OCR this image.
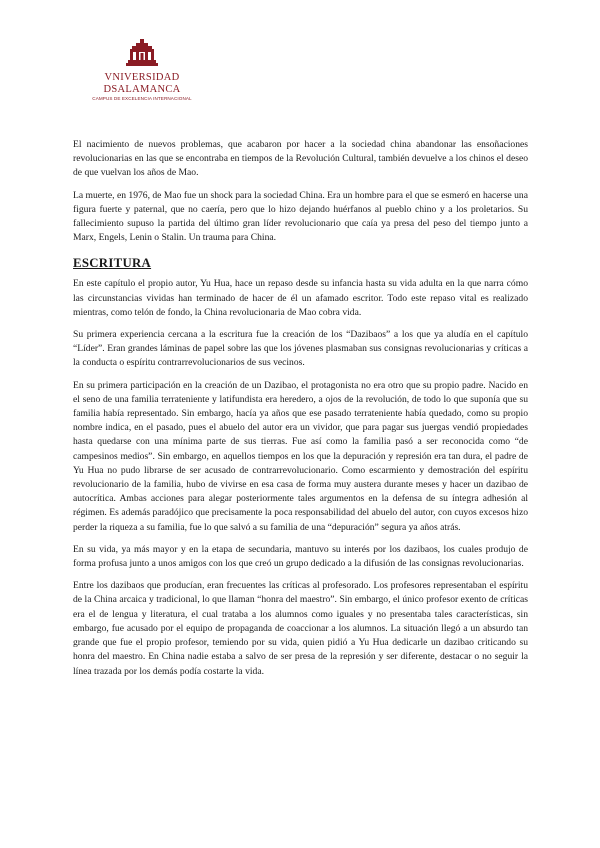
VNIVERSIDAD
DSALAMANCA
CAMPUS DE EXCELENCIA INTERNACIONAL

El nacimiento de nuevos problemas, que acabaron por hacer a la sociedad china abandonar las ensoñaciones revolucionarias en las que se encontraba en tiempos de la Revolución Cultural, también devuelve a los chinos el deseo de que vuelvan los años de Mao.

La muerte, en 1976, de Mao fue un shock para la sociedad China. Era un hombre para el que se esmeró en hacerse una figura fuerte y paternal, que no caería, pero que lo hizo dejando huérfanos al pueblo chino y a los proletarios. Su fallecimiento supuso la partida del último gran líder revolucionario que caía ya presa del peso del tiempo junto a Marx, Engels, Lenin o Stalin. Un trauma para China.

ESCRITURA

En este capítulo el propio autor, Yu Hua, hace un repaso desde su infancia hasta su vida adulta en la que narra cómo las circunstancias vividas han terminado de hacer de él un afamado escritor. Todo este repaso vital es realizado mientras, como telón de fondo, la China revolucionaria de Mao cobra vida.

Su primera experiencia cercana a la escritura fue la creación de los “Dazibaos” a los que ya aludía en el capítulo “Líder”. Eran grandes láminas de papel sobre las que los jóvenes plasmaban sus consignas revolucionarias y críticas a la conducta o espíritu contrarrevolucionarios de sus vecinos.

En su primera participación en la creación de un Dazibao, el protagonista no era otro que su propio padre. Nacido en el seno de una familia terrateniente y latifundista era heredero, a ojos de la revolución, de todo lo que suponía que su familia había representado. Sin embargo, hacía ya años que ese pasado terrateniente había quedado, como su propio nombre indica, en el pasado, pues el abuelo del autor era un vividor, que para pagar sus juergas vendió propiedades hasta quedarse con una mínima parte de sus tierras. Fue así como la familia pasó a ser reconocida como “de campesinos medios”. Sin embargo, en aquellos tiempos en los que la depuración y represión era tan dura, el padre de Yu Hua no pudo librarse de ser acusado de contrarrevolucionario. Como escarmiento y demostración del espíritu revolucionario de la familia, hubo de vivirse en esa casa de forma muy austera durante meses y hacer un dazibao de autocrítica. Ambas acciones para alegar posteriormente tales argumentos en la defensa de su íntegra adhesión al régimen. Es además paradójico que precisamente la poca responsabilidad del abuelo del autor, con cuyos excesos hizo perder la riqueza a su familia, fue lo que salvó a su familia de una “depuración” segura ya años atrás.

En su vida, ya más mayor y en la etapa de secundaria, mantuvo su interés por los dazibaos, los cuales produjo de forma profusa junto a unos amigos con los que creó un grupo dedicado a la difusión de las consignas revolucionarias.

Entre los dazibaos que producían, eran frecuentes las críticas al profesorado. Los profesores representaban el espíritu de la China arcaica y tradicional, lo que llaman “honra del maestro”. Sin embargo, el único profesor exento de críticas era el de lengua y literatura, el cual trataba a los alumnos como iguales y no presentaba tales características, sin embargo, fue acusado por el equipo de propaganda de coaccionar a los alumnos. La situación llegó a un absurdo tan grande que fue el propio profesor, temiendo por su vida, quien pidió a Yu Hua dedicarle un dazibao criticando su honra del maestro. En China nadie estaba a salvo de ser presa de la represión y ser diferente, destacar o no seguir la línea trazada por los demás podía costarte la vida.
